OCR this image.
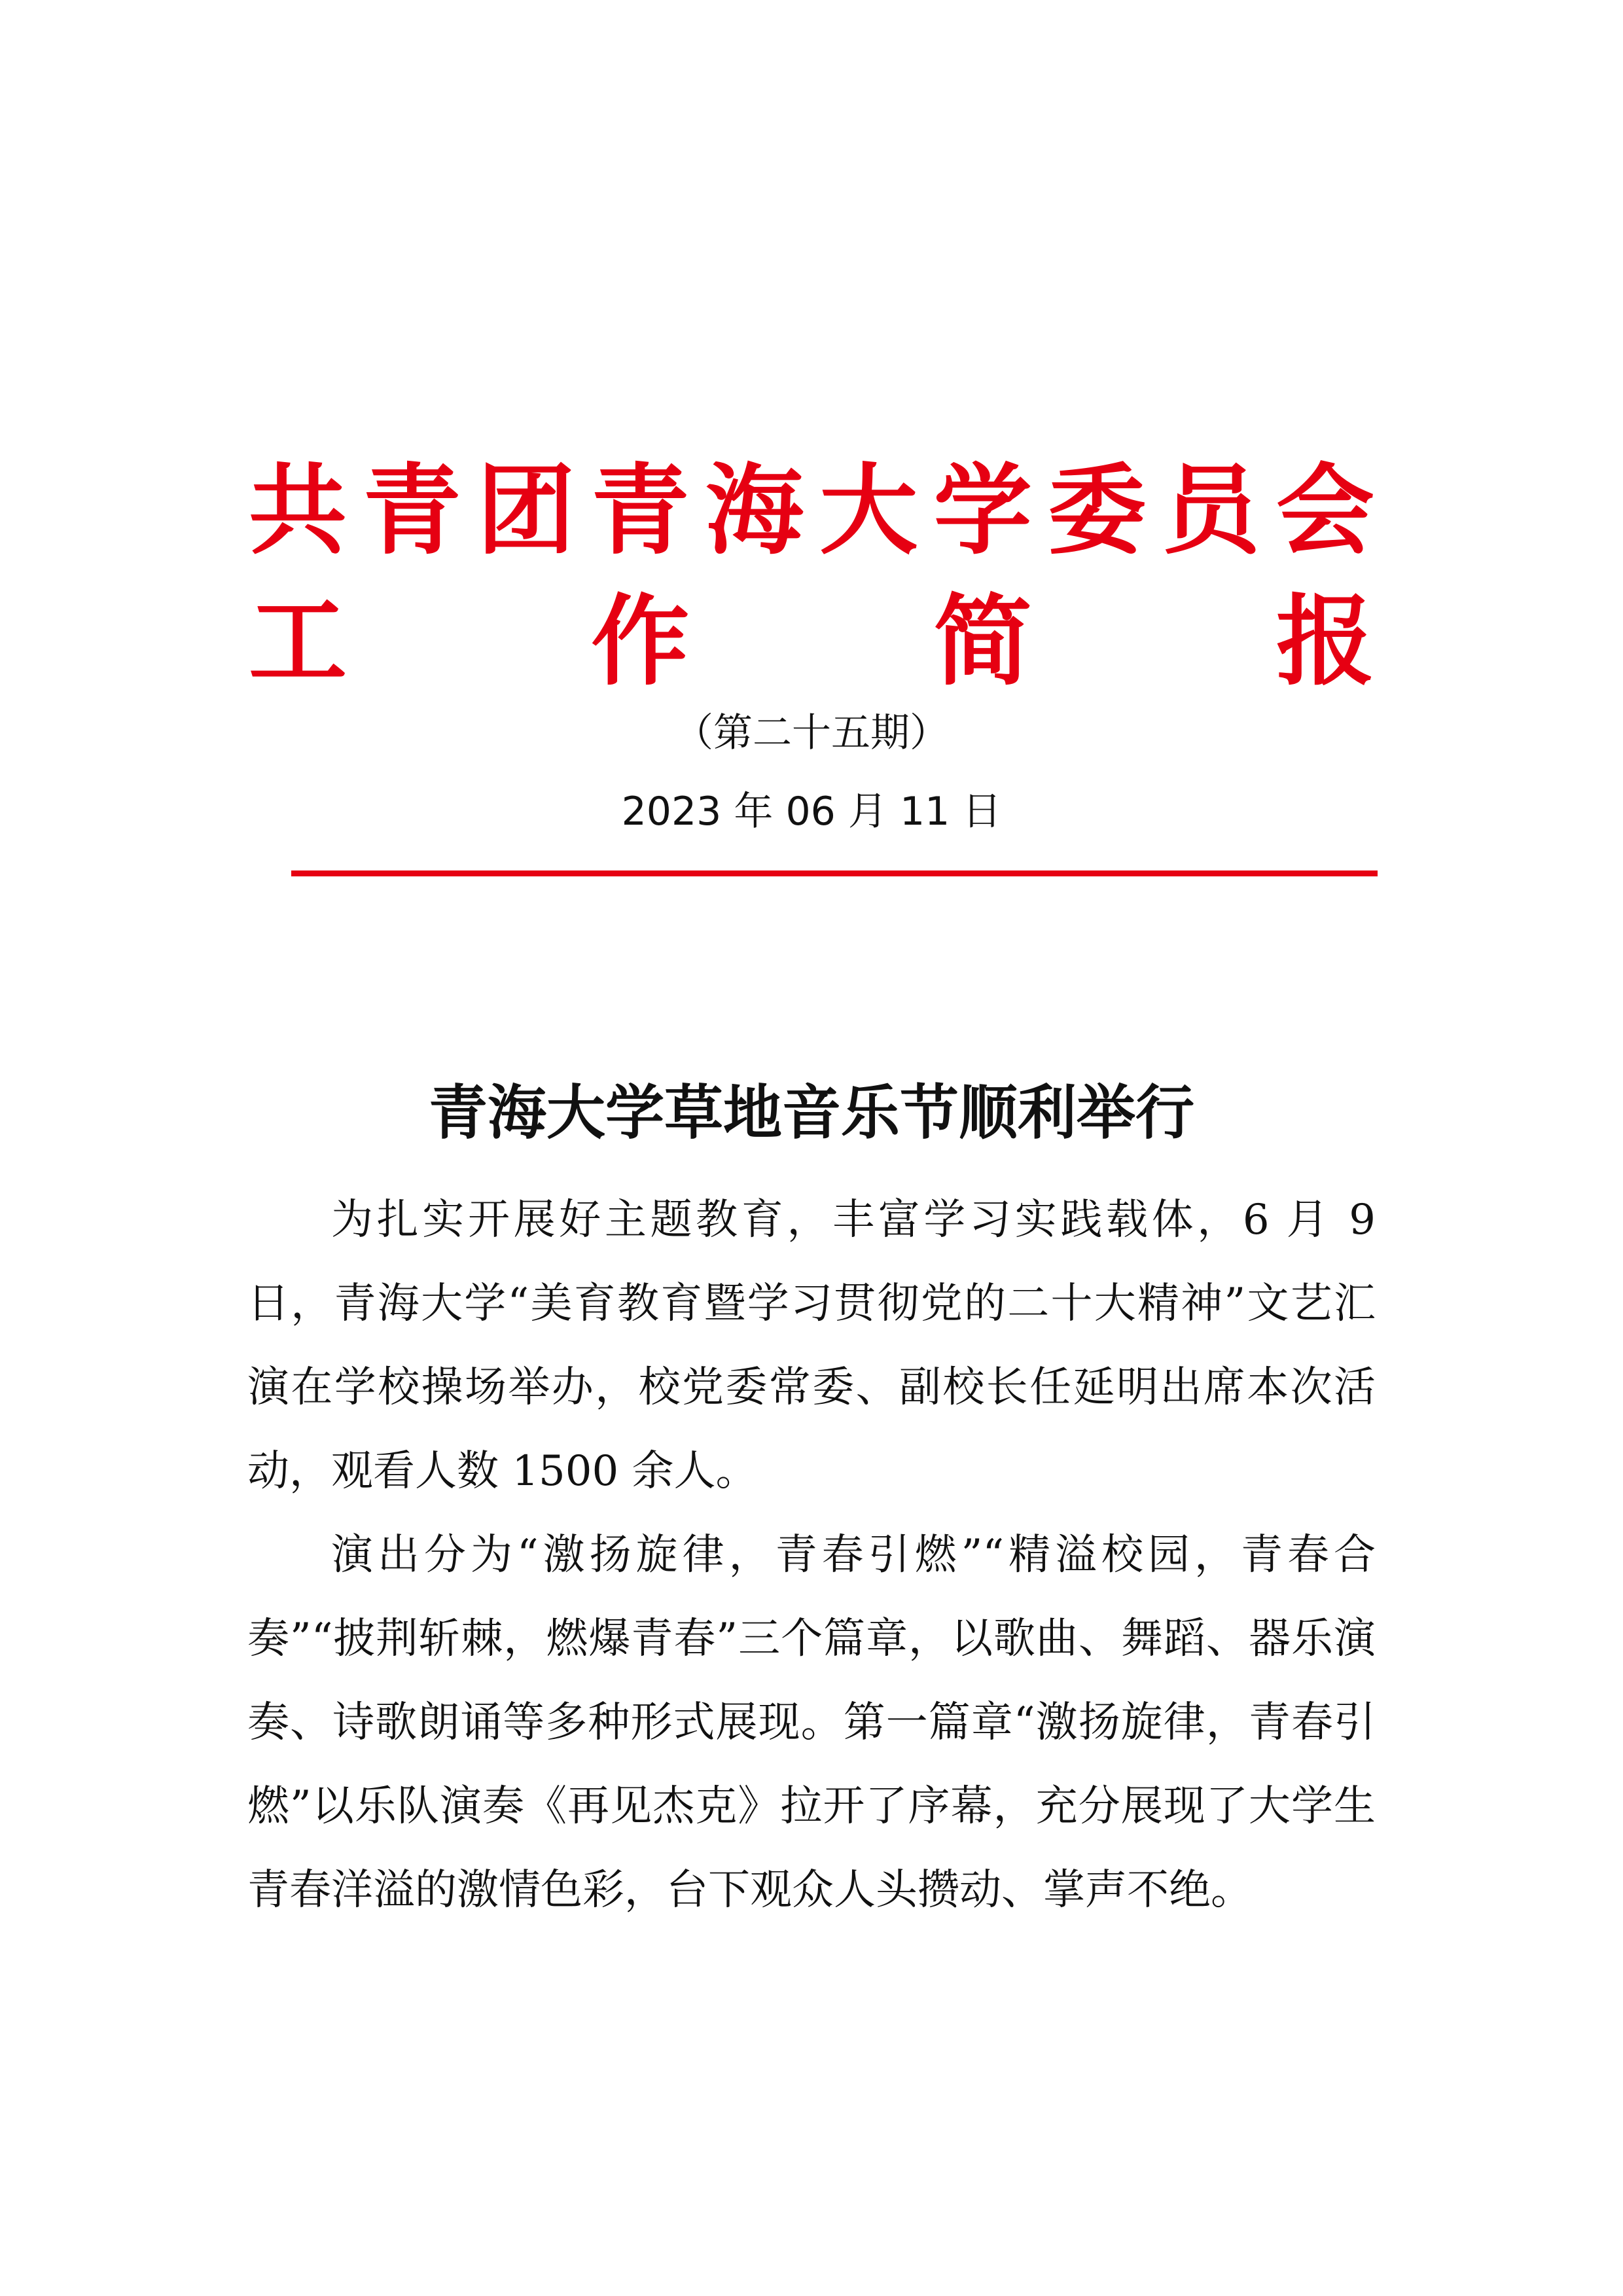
共 青 团 青 海 大 学 委 员 会
工 作 简 报
（第二十五期）
2023 年 06 月 11 日
青海大学草地音乐节顺利举行

为扎实开展好主题教育，丰富学习实践载体，6 月 9 日，青海大学“美育教育暨学习贯彻党的二十大精神”文艺汇演在学校操场举办，校党委常委、副校长任延明出席本次活动，观看人数 1500 余人。

演出分为“激扬旋律，青春引燃”“精溢校园，青春合奏”“披荆斩棘，燃爆青春”三个篇章，以歌曲、舞蹈、器乐演奏、诗歌朗诵等多种形式展现。第一篇章“激扬旋律，青春引燃”以乐队演奏《再见杰克》拉开了序幕，充分展现了大学生青春洋溢的激情色彩，台下观众人头攒动、掌声不绝。
